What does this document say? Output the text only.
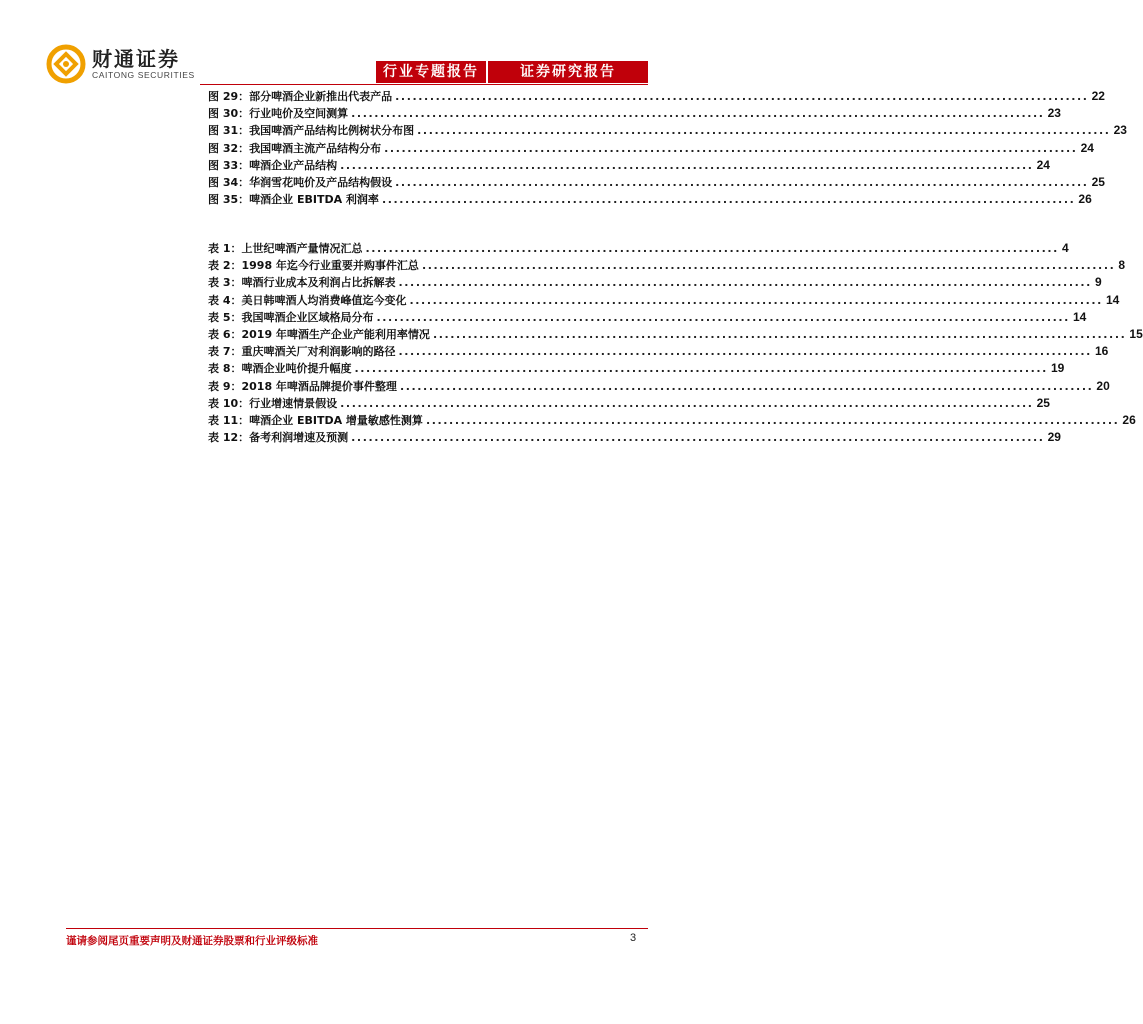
财通证券
CAITONG SECURITIES	行业专题报告	证券研究报告
图 29：部分啤酒企业新推出代表产品 ........................................................................................................................ 22
图 30：行业吨价及空间测算 ........................................................................................................................ 23
图 31：我国啤酒产品结构比例树状分布图 ........................................................................................................................ 23
图 32：我国啤酒主流产品结构分布 ........................................................................................................................ 24
图 33：啤酒企业产品结构 ........................................................................................................................ 24
图 34：华润雪花吨价及产品结构假设 ........................................................................................................................ 25
图 35：啤酒企业 EBITDA 利润率 ........................................................................................................................ 26
表 1：上世纪啤酒产量情况汇总 ........................................................................................................................ 4
表 2：1998 年迄今行业重要并购事件汇总 ........................................................................................................................ 8
表 3：啤酒行业成本及利润占比拆解表 ........................................................................................................................ 9
表 4：美日韩啤酒人均消费峰值迄今变化 ........................................................................................................................ 14
表 5：我国啤酒企业区域格局分布 ........................................................................................................................ 14
表 6：2019 年啤酒生产企业产能利用率情况 ........................................................................................................................ 15
表 7：重庆啤酒关厂对利润影响的路径 ........................................................................................................................ 16
表 8：啤酒企业吨价提升幅度 ........................................................................................................................ 19
表 9：2018 年啤酒品牌提价事件整理 ........................................................................................................................ 20
表 10：行业增速情景假设 ........................................................................................................................ 25
表 11：啤酒企业 EBITDA 增量敏感性测算 ........................................................................................................................ 26
表 12：备考利润增速及预测 ........................................................................................................................ 29
谨请参阅尾页重要声明及财通证券股票和行业评级标准	3
